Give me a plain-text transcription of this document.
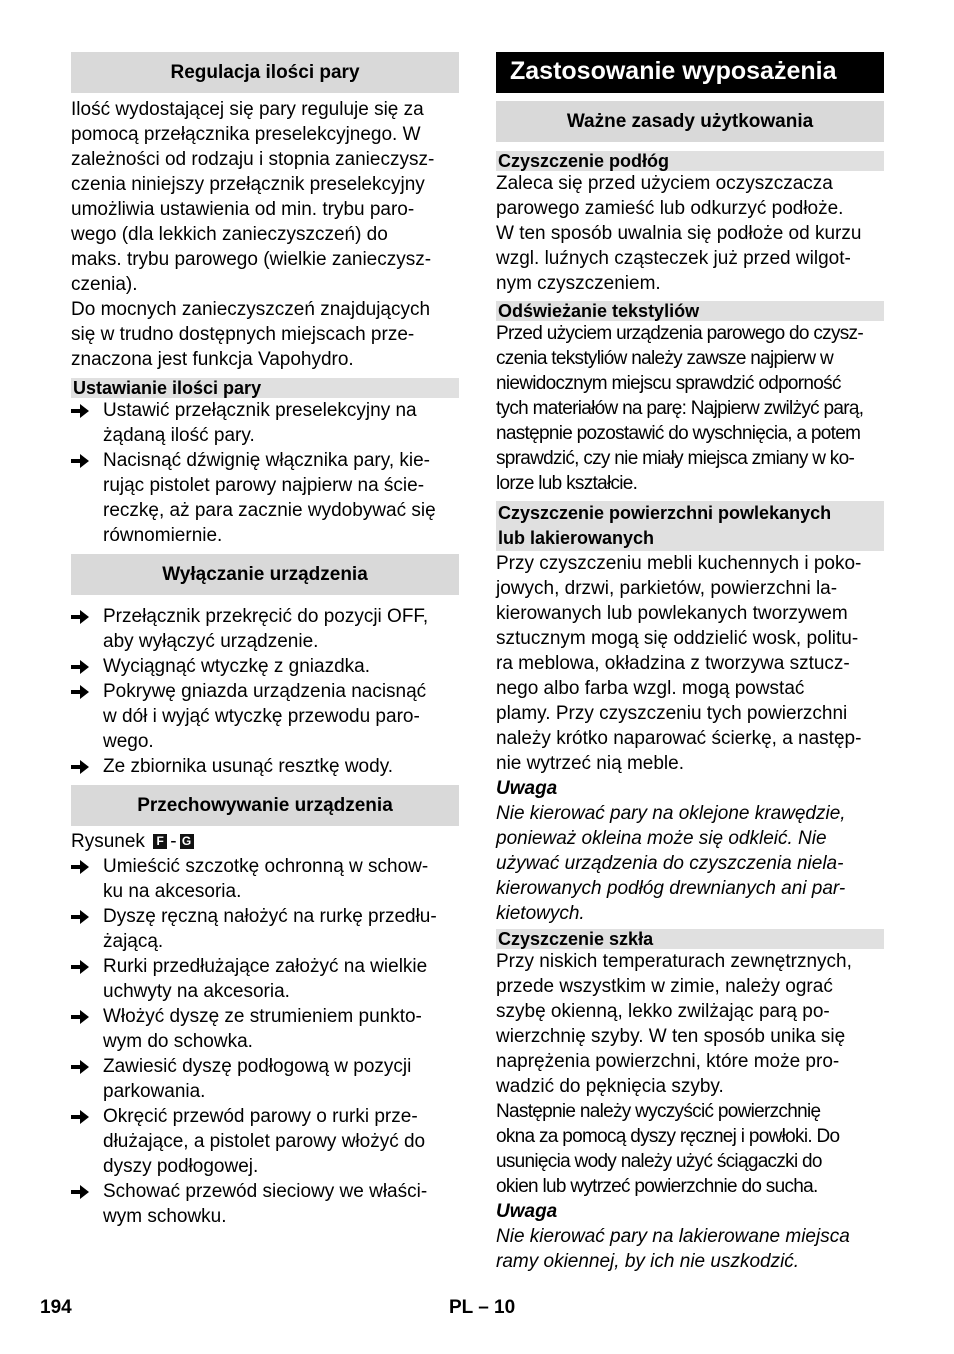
Regulacja ilości pary
Ilość wydostającej się pary reguluje się za
pomocą przełącznika preselekcyjnego. W
zależności od rodzaju i stopnia zanieczysz-
czenia niniejszy przełącznik preselekcyjny
umożliwia ustawienia od min. trybu paro-
wego (dla lekkich zanieczyszczeń) do
maks. trybu parowego (wielkie zanieczysz-
czenia).
Do mocnych zanieczyszczeń znajdujących
się w trudno dostępnych miejscach prze-
znaczona jest funkcja Vapohydro.
Ustawianie ilości pary
Ustawić przełącznik preselekcyjny na
żądaną ilość pary.
Nacisnąć dźwignię włącznika pary, kie-
rując pistolet parowy najpierw na ście-
reczkę, aż para zacznie wydobywać się
równomiernie.
Wyłączanie urządzenia
Przełącznik przekręcić do pozycji OFF,
aby wyłączyć urządzenie.
Wyciągnąć wtyczkę z gniazdka.
Pokrywę gniazda urządzenia nacisnąć
w dół i wyjąć wtyczkę przewodu paro-
wego.
Ze zbiornika usunąć resztkę wody.
Przechowywanie urządzenia
Rysunek F - G
Umieścić szczotkę ochronną w schow-
ku na akcesoria.
Dyszę ręczną nałożyć na rurkę przedłu-
żającą.
Rurki przedłużające założyć na wielkie
uchwyty na akcesoria.
Włożyć dyszę ze strumieniem punkto-
wym do schowka.
Zawiesić dyszę podłogową w pozycji
parkowania.
Okręcić przewód parowy o rurki prze-
dłużające, a pistolet parowy włożyć do
dyszy podłogowej.
Schować przewód sieciowy we właści-
wym schowku.
Zastosowanie wyposażenia
Ważne zasady użytkowania
Czyszczenie podłóg
Zaleca się przed użyciem oczyszczacza
parowego zamieść lub odkurzyć podłoże.
W ten sposób uwalnia się podłoże od kurzu
wzgl. luźnych cząsteczek już przed wilgot-
nym czyszczeniem.
Odświeżanie tekstyliów
Przed użyciem urządzenia parowego do czysz-
czenia tekstyliów należy zawsze najpierw w
niewidocznym miejscu sprawdzić odporność
tych materiałów na parę: Najpierw zwilżyć parą,
następnie pozostawić do wyschnięcia, a potem
sprawdzić, czy nie miały miejsca zmiany w ko-
lorze lub kształcie.
Czyszczenie powierzchni powlekanych
lub lakierowanych
Przy czyszczeniu mebli kuchennych i poko-
jowych, drzwi, parkietów, powierzchni la-
kierowanych lub powlekanych tworzywem
sztucznym mogą się oddzielić wosk, politu-
ra meblowa, okładzina z tworzywa sztucz-
nego albo farba wzgl. mogą powstać
plamy. Przy czyszczeniu tych powierzchni
należy krótko naparować ścierkę, a następ-
nie wytrzeć nią meble.
Uwaga
Nie kierować pary na oklejone krawędzie,
ponieważ okleina może się odkleić. Nie
używać urządzenia do czyszczenia niela-
kierowanych podłóg drewnianych ani par-
kietowych.
Czyszczenie szkła
Przy niskich temperaturach zewnętrznych,
przede wszystkim w zimie, należy ograć
szybę okienną, lekko zwilżając parą po-
wierzchnię szyby. W ten sposób unika się
naprężenia powierzchni, które może pro-
wadzić do pęknięcia szyby.
Następnie należy wyczyścić powierzchnię
okna za pomocą dyszy ręcznej i powłoki. Do
usunięcia wody należy użyć ściągaczki do
okien lub wytrzeć powierzchnie do sucha.
Uwaga
Nie kierować pary na lakierowane miejsca
ramy okiennej, by ich nie uszkodzić.
194	PL – 10
